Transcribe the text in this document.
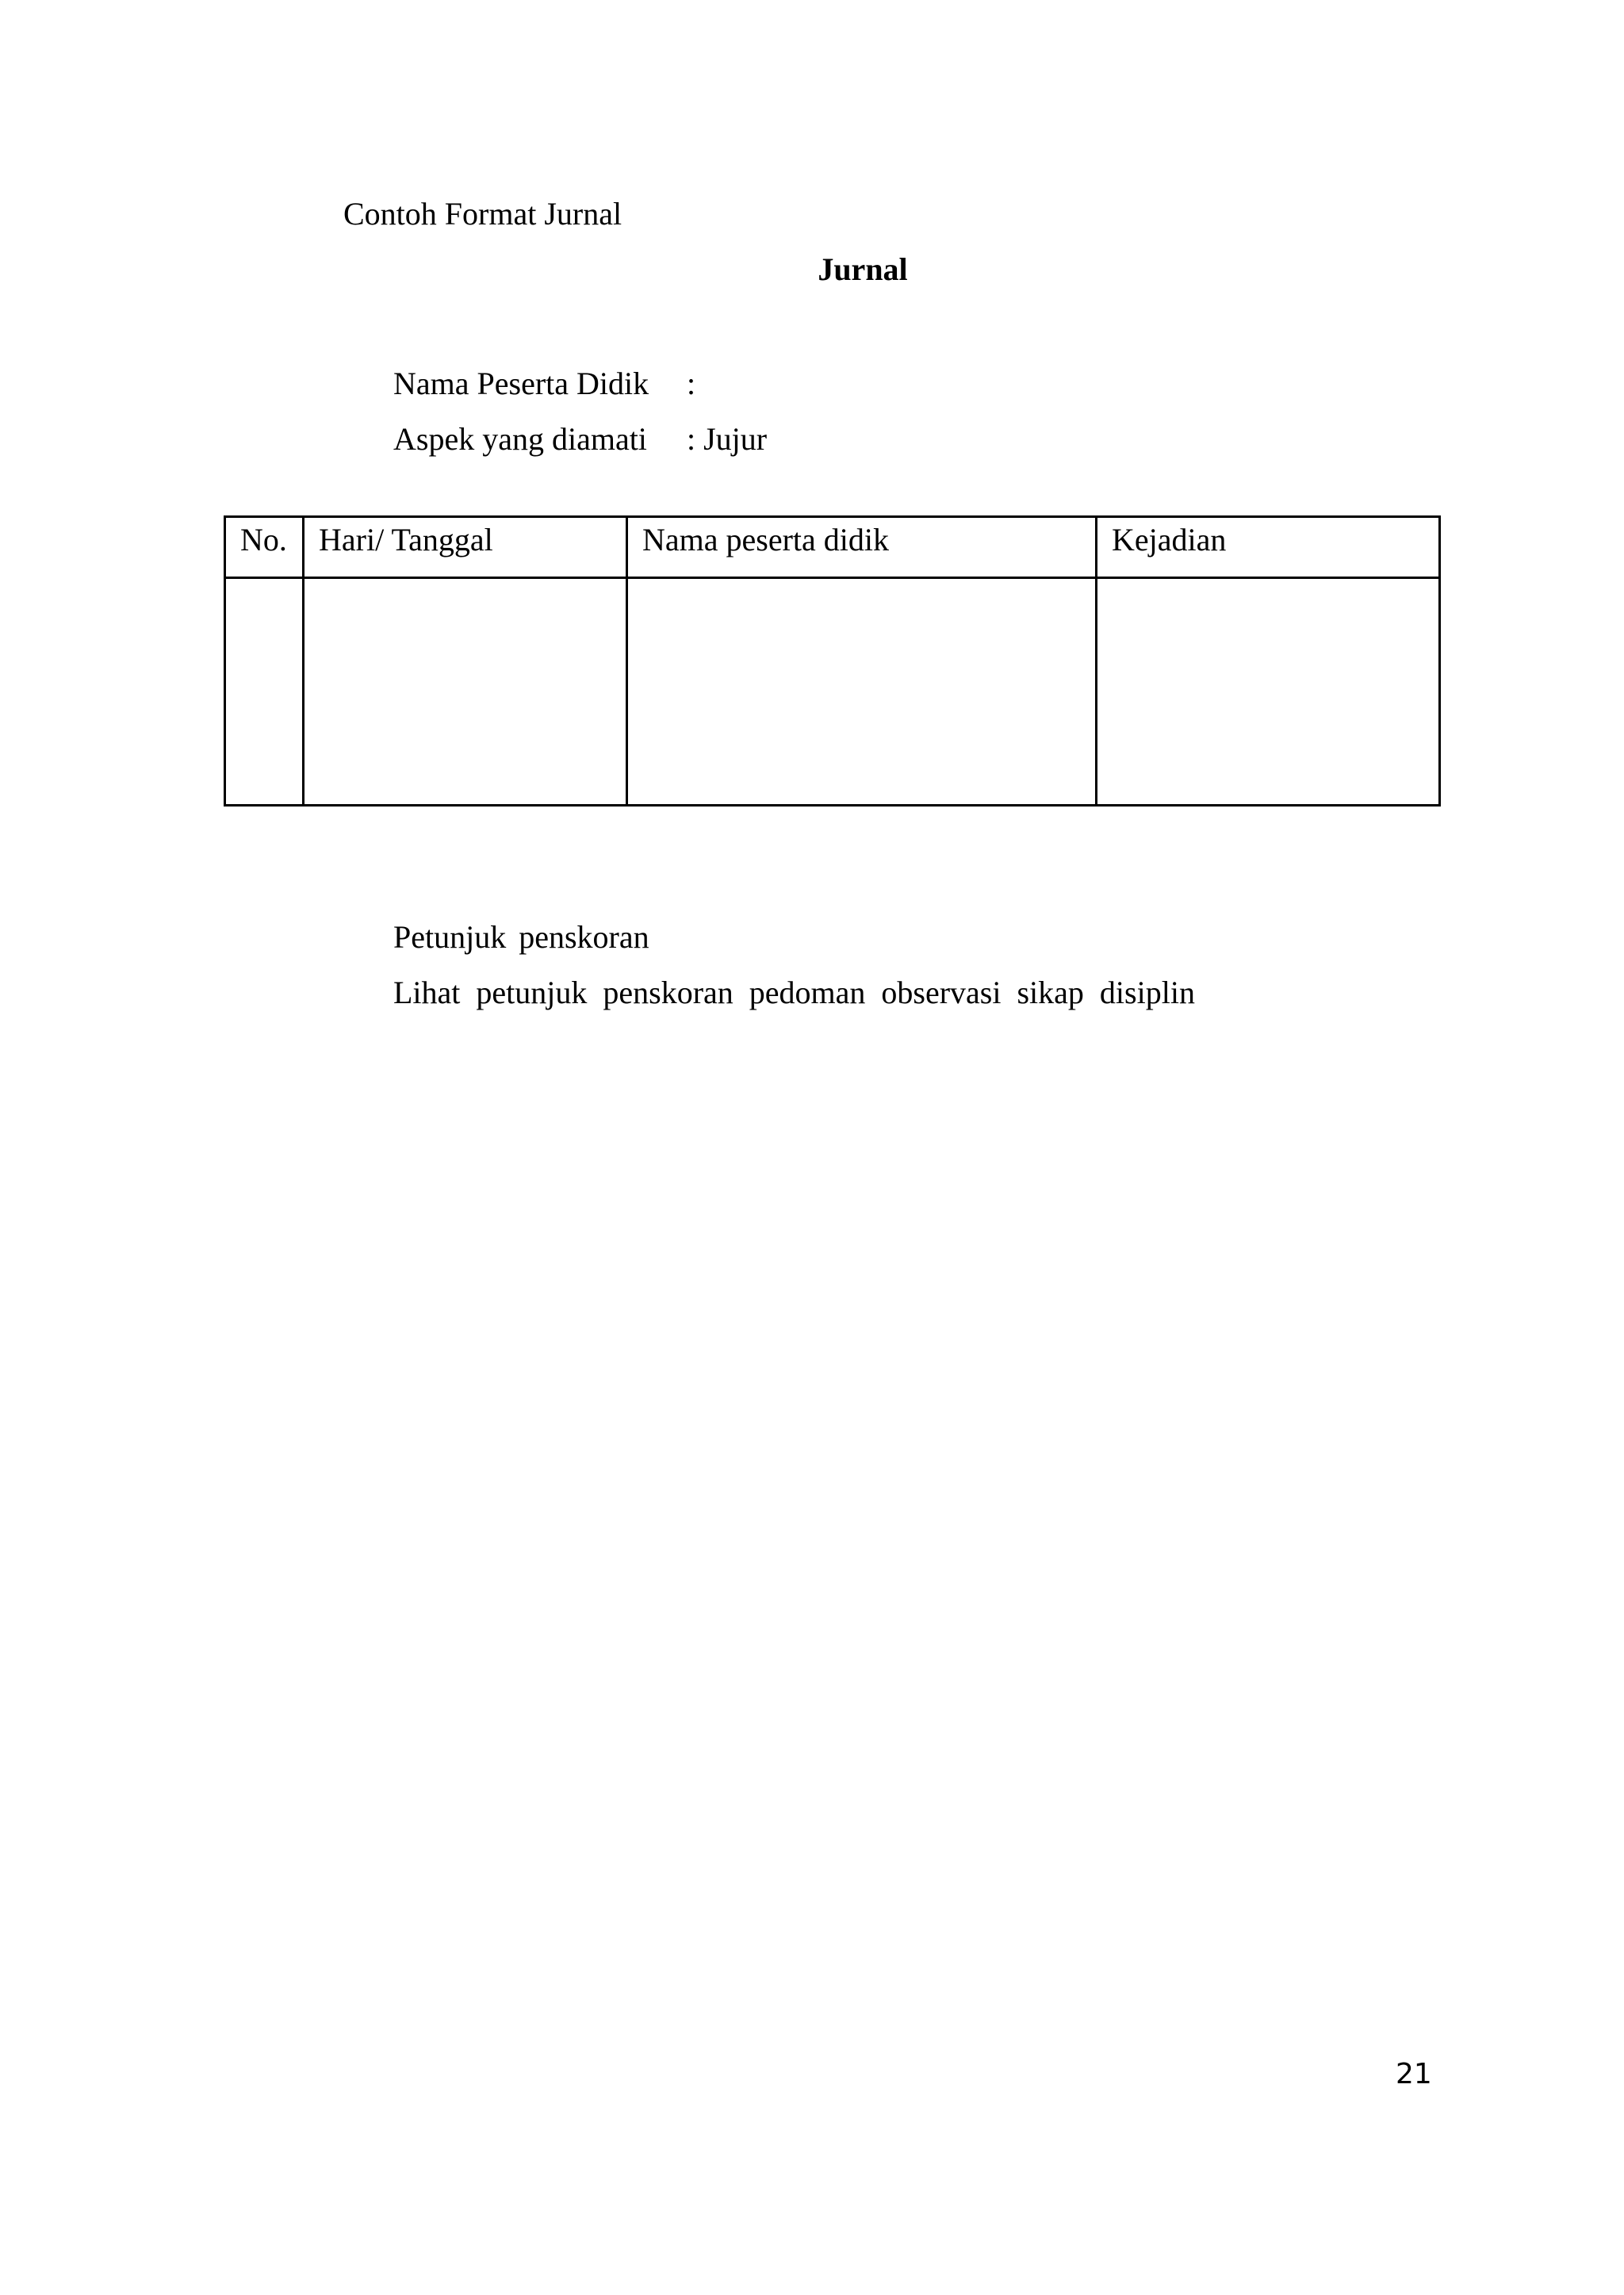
Contoh Format Jurnal
Jurnal
Nama Peserta Didik :
Aspek yang diamati : Jujur
No.	Hari/ Tanggal	Nama peserta didik	Kejadian

Petunjuk penskoran
Lihat petunjuk penskoran pedoman observasi sikap disiplin
21
